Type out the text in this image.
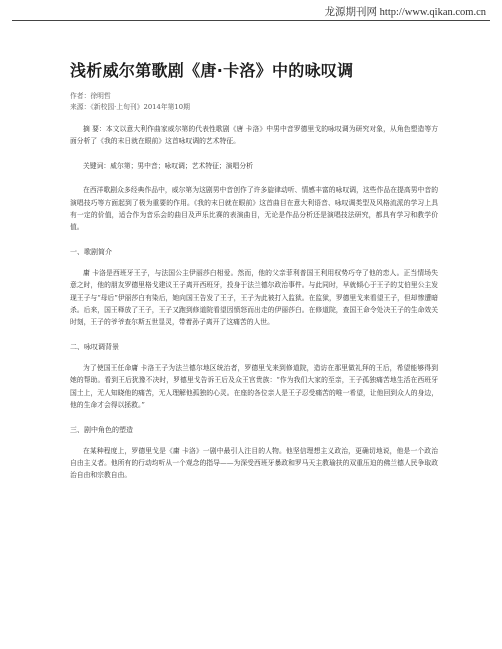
龙源期刊网 http://www.qikan.com.cn
浅析威尔第歌剧《唐·卡洛》中的咏叹调

作者：徐明哲

来源：《新校园·上旬刊》2014年第10期

摘 要：本文以意大利作曲家威尔第的代表性歌剧《唐 卡洛》中男中音罗德里戈的咏叹调为研究对象，从角色塑造等方面分析了《我的末日就在眼前》这首咏叹调的艺术特征。

关键词：威尔第；男中音；咏叹调；艺术特征；演唱分析

在西洋歌剧众多经典作品中，威尔第为这剧男中音创作了许多旋律动听、情感丰富的咏叹调，这些作品在提高男中音的演唱技巧等方面起到了极为重要的作用。《我的末日就在眼前》这首曲目在意大利语音、咏叹调类型及风格流派的学习上具有一定的价值，适合作为音乐会的曲目及声乐比赛的表演曲目，无论是作品分析还是演唱技法研究，都具有学习和教学价值。

一、歌剧简介

庸 卡洛是西班牙王子，与法国公主伊丽莎白相爱。然而，他的父亲菲利普国王利用权势巧夺了他的恋人。正当情场失意之时，他的朋友罗德里格戈建议王子离开西班牙，投身于法兰德尔政治事件。与此同时，早就倾心于王子的艾伯里公主发现王子与“母后”伊丽莎白有染后，她向国王告发了王子，王子为此被打入监狱。在监狱，罗德里戈来看望王子，但却惨遭暗杀。后来，国王释放了王子，王子又跑到修道院看望因愤怒而出走的伊丽莎白。在修道院，查国王命令处决王子的生命效关时刻，王子的爷爷查尔斯五世显灵，带着孙子离开了这痛苦的人世。

二、咏叹调背景

为了使国王任命庸 卡洛王子为法兰德尔地区统治者，罗德里戈来到修道院，造访在那里做礼拜的王后，希望能够得到她的帮助。看到王后犹豫不决时，罗德里戈告诉王后及众王宫贵族：“作为我们大家的至亲，王子孤独痛苦地生活在西班牙国土上，无人知晓他的痛苦，无人理解他孤独的心灵。在座的各位亲人是王子忍受痛苦的唯一希望，让他回到众人的身边，他的生命才会得以拯救。”

三、剧中角色的塑造

在某种程度上，罗德里戈是《庸 卡洛》一剧中最引人注目的人物。他坚信理想主义政治，更确切地说，他是一个政治自由主义者。他所有的行动均听从一个观念的指导——为深受西班牙暴政和罗马天主教瑜扶的双重压迫的佛兰德人民争取政治自由和宗教自由。
